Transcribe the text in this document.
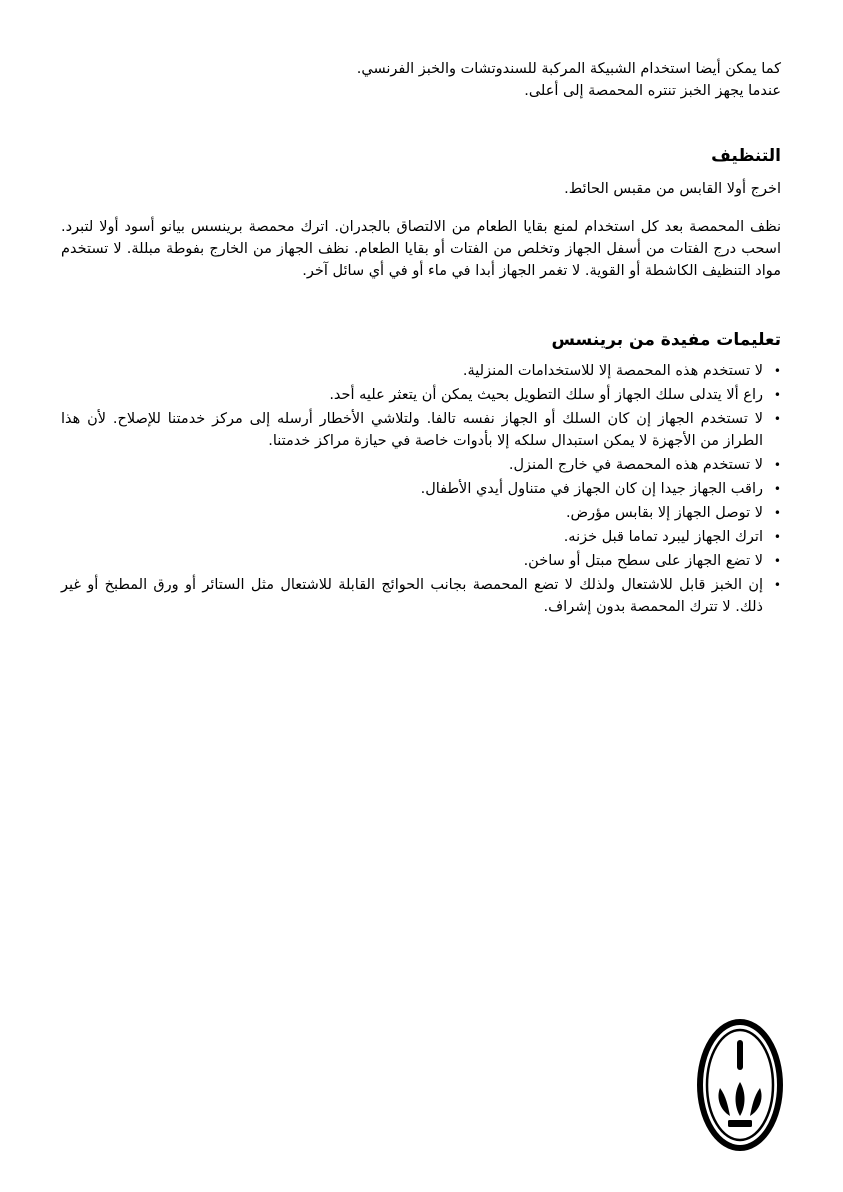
كما يمكن أيضا استخدام الشبيكة المركبة للسندوتشات والخبز الفرنسي.

عندما يجهز الخبز تنتره المحمصة إلى أعلى.

التنظيف

اخرج أولا القابس من مقبس الحائط.

نظف المحمصة بعد كل استخدام لمنع بقايا الطعام من الالتصاق بالجدران. اترك محمصة برينسس بيانو أسود أولا لتبرد. اسحب درج الفتات من أسفل الجهاز وتخلص من الفتات أو بقايا الطعام. نظف الجهاز من الخارج بفوطة مبللة. لا تستخدم مواد التنظيف الكاشطة أو القوية. لا تغمر الجهاز أبدا في ماء أو في أي سائل آخر.

تعليمات مفيدة من برينسس
• لا تستخدم هذه المحمصة إلا للاستخدامات المنزلية.
• راع ألا يتدلى سلك الجهاز أو سلك التطويل بحيث يمكن أن يتعثر عليه أحد.
• لا تستخدم الجهاز إن كان السلك أو الجهاز نفسه تالفا. ولتلاشي الأخطار أرسله إلى مركز خدمتنا للإصلاح. لأن هذا الطراز من الأجهزة لا يمكن استبدال سلكه إلا بأدوات خاصة في حيازة مراكز خدمتنا.
• لا تستخدم هذه المحمصة في خارج المنزل.
• راقب الجهاز جيدا إن كان الجهاز في متناول أيدي الأطفال.
• لا توصل الجهاز إلا بقابس مؤرض.
• اترك الجهاز ليبرد تماما قبل خزنه.
• لا تضع الجهاز على سطح مبتل أو ساخن.
• إن الخبز قابل للاشتعال ولذلك لا تضع المحمصة بجانب الحوائج القابلة للاشتعال مثل الستائر أو ورق المطبخ أو غير ذلك. لا تترك المحمصة بدون إشراف.
